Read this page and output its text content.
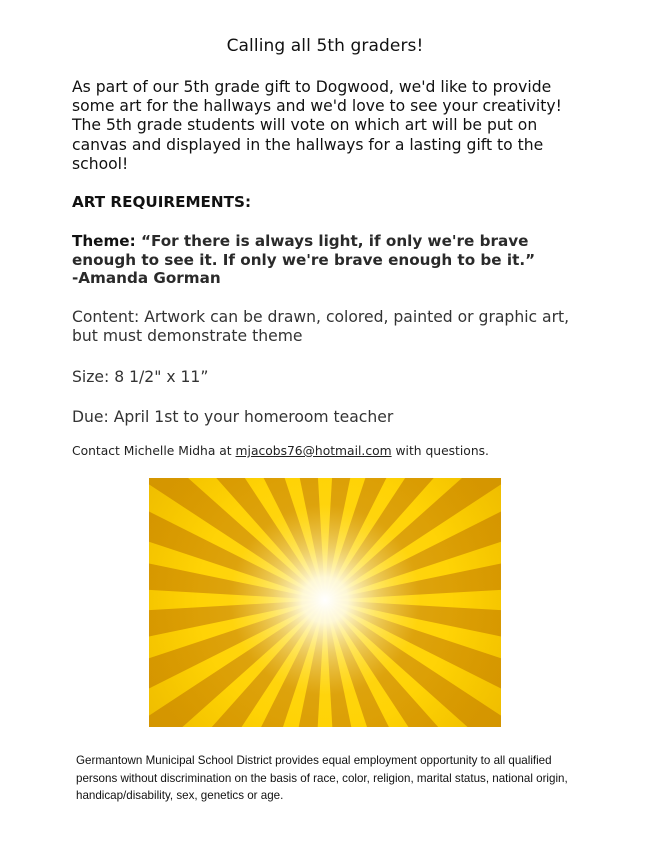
Calling all 5th graders!

As part of our 5th grade gift to Dogwood, we'd like to provide some art for the hallways and we'd love to see your creativity! The 5th grade students will vote on which art will be put on canvas and displayed in the hallways for a lasting gift to the school!

ART REQUIREMENTS:

Theme: “For there is always light, if only we're brave enough to see it. If only we're brave enough to be it.”
-Amanda Gorman

Content: Artwork can be drawn, colored, painted or graphic art, but must demonstrate theme

Size: 8 1/2" x 11”

Due: April 1st to your homeroom teacher

Contact Michelle Midha at mjacobs76@hotmail.com with questions.

Germantown Municipal School District provides equal employment opportunity to all qualified persons without discrimination on the basis of race, color, religion, marital status, national origin, handicap/disability, sex, genetics or age.
